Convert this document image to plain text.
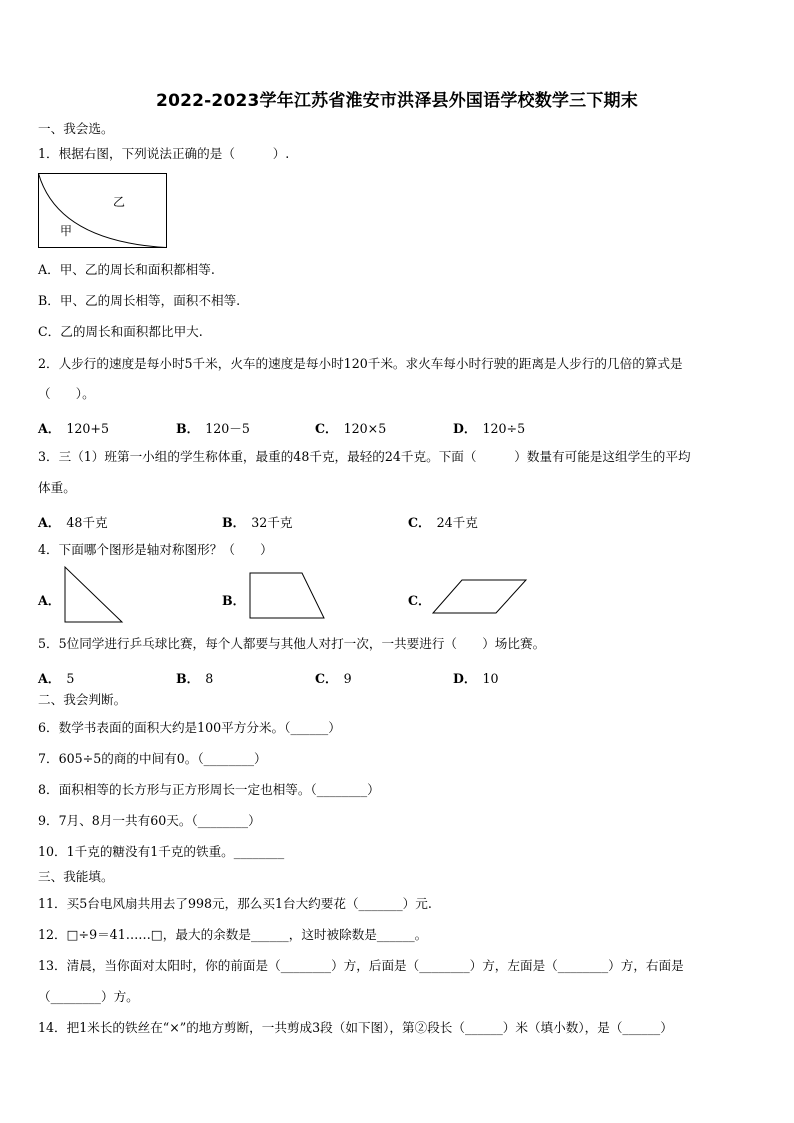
2022-2023学年江苏省淮安市洪泽县外国语学校数学三下期末
一、我会选。
1．根据右图，下列说法正确的是（　　　）.
乙
甲
A．甲、乙的周长和面积都相等.
B．甲、乙的周长相等，面积不相等.
C．乙的周长和面积都比甲大.
2．人步行的速度是每小时5千米，火车的速度是每小时120千米。求火车每小时行驶的距离是人步行的几倍的算式是
（　　）。
A． 120+5	B． 120－5	C． 120×5	D． 120÷5
3．三（1）班第一小组的学生称体重，最重的48千克，最轻的24千克。下面（　　　）数量有可能是这组学生的平均
体重。
A． 48千克	B． 32千克	C． 24千克
4．下面哪个图形是轴对称图形？（　　）
A．	B．	C．
5．5位同学进行乒乓球比赛，每个人都要与其他人对打一次，一共要进行（　　）场比赛。
A． 5	B． 8	C． 9	D． 10
二、我会判断。
6．数学书表面的面积大约是100平方分米。（______）
7．605÷5的商的中间有0。（________）
8．面积相等的长方形与正方形周长一定也相等。（________）
9．7月、8月一共有60天。（________）
10．1千克的糖没有1千克的铁重。________
三、我能填。
11．买5台电风扇共用去了998元，那么买1台大约要花（_______）元.
12．□÷9＝41……□，最大的余数是______，这时被除数是______。
13．清晨，当你面对太阳时，你的前面是（________）方，后面是（________）方，左面是（________）方，右面是
（________）方。
14．把1米长的铁丝在“×”的地方剪断，一共剪成3段（如下图），第②段长（______）米（填小数），是（______）
